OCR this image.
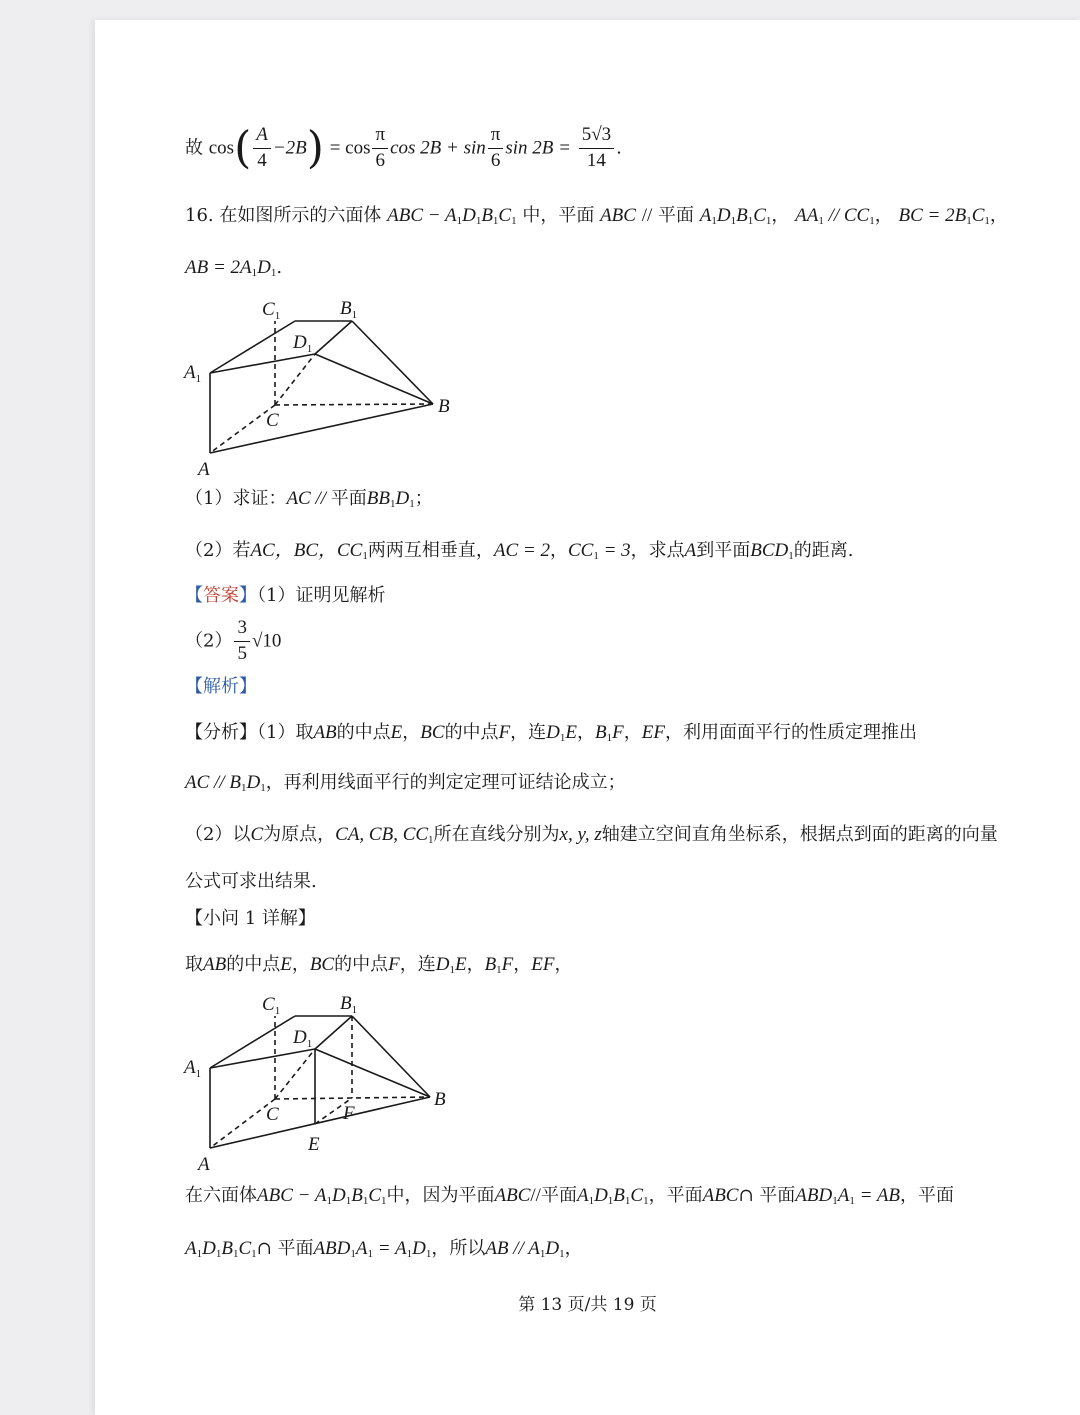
故 $\cos( \frac{A}{4} -2B) = \cos \frac{\pi}{6}$ $\cos 2B + \sin \frac{\pi}{6}$ $\sin 2B = \frac{5√3}{14}$ .
16. 在如图所示的六面体 ABC − $A_1D_1B_1C_1$ 中，平面 ABC // 平面 $A_1D_1B_1C_1$， $AA_1 // CC_1$， BC = $2B_1C_1$，
AB = $2A_1D_1$.
$C_1$	$B_1$
$D_1$
$A_1$
C
B
A
（1）求证：AC // 平面$BB_1D_1$；
（2）若AC，BC，$CC_1$两两互相垂直，AC = 2，$CC_1 = 3$，求点A到平面$BCD_1$的距离.
【答案】（1）证明见解析
$(2) \frac{3}{5} √10$
【解析】
【分析】（1）取AB的中点E，BC的中点F，连$D_1E$，$B_1F$，EF，利用面面平行的性质定理推出
AC // $B_1D_1$，再利用线面平行的判定定理可证结论成立；
（2）以C为原点，CA, CB, $CC_1$所在直线分别为x, y, z轴建立空间直角坐标系，根据点到面的距离的向量
公式可求出结果.
【小问 1 详解】
取AB的中点E，BC的中点F，连$D_1E$，$B_1F$，EF，
$C_1$	$B_1$
$D_1$
$A_1$
C	F
B
E
A
在六面体ABC − $A_1D_1B_1C_1$中，因为平面ABC//平面$A_1D_1B_1C_1$，平面ABC∩ 平面$ABD_1A_1$ = AB，平面
$A_1D_1B_1C_1\cap$ 平面$ABD_1A_1 = A_1D_1$，所以AB // $A_1D_1$，
第 13 页/共 19 页
